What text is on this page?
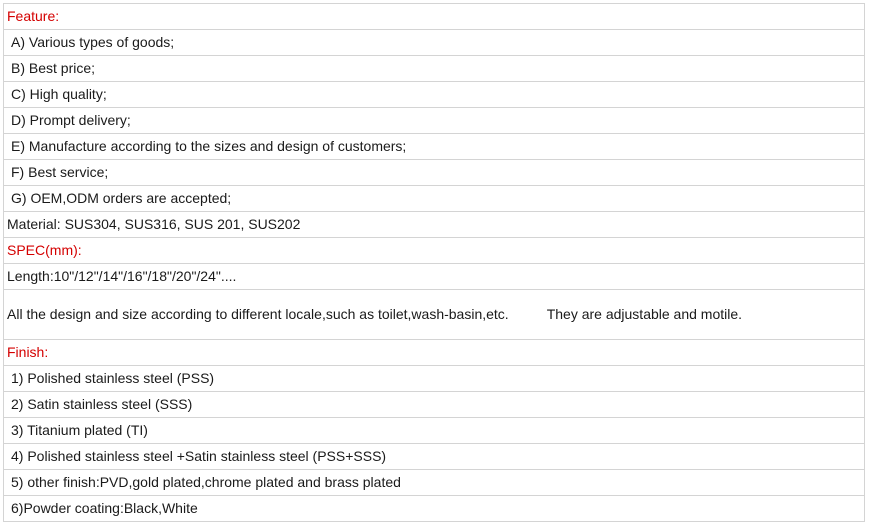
Feature:
A) Various types of goods;
B) Best price;
C) High quality;
D) Prompt delivery;
E) Manufacture according to the sizes and design of customers;
F) Best service;
G) OEM,ODM orders are accepted;
Material: SUS304, SUS316, SUS 201, SUS202
SPEC(mm):
Length:10"/12"/14"/16"/18"/20"/24"....
All the design and size according to different locale,such as toilet,wash-basin,etc.	They are adjustable and motile.
Finish:
1) Polished stainless steel (PSS)
2) Satin stainless steel (SSS)
3) Titanium plated (TI)
4) Polished stainless steel +Satin stainless steel (PSS+SSS)
5) other finish:PVD,gold plated,chrome plated and brass plated
6)Powder coating:Black,White
